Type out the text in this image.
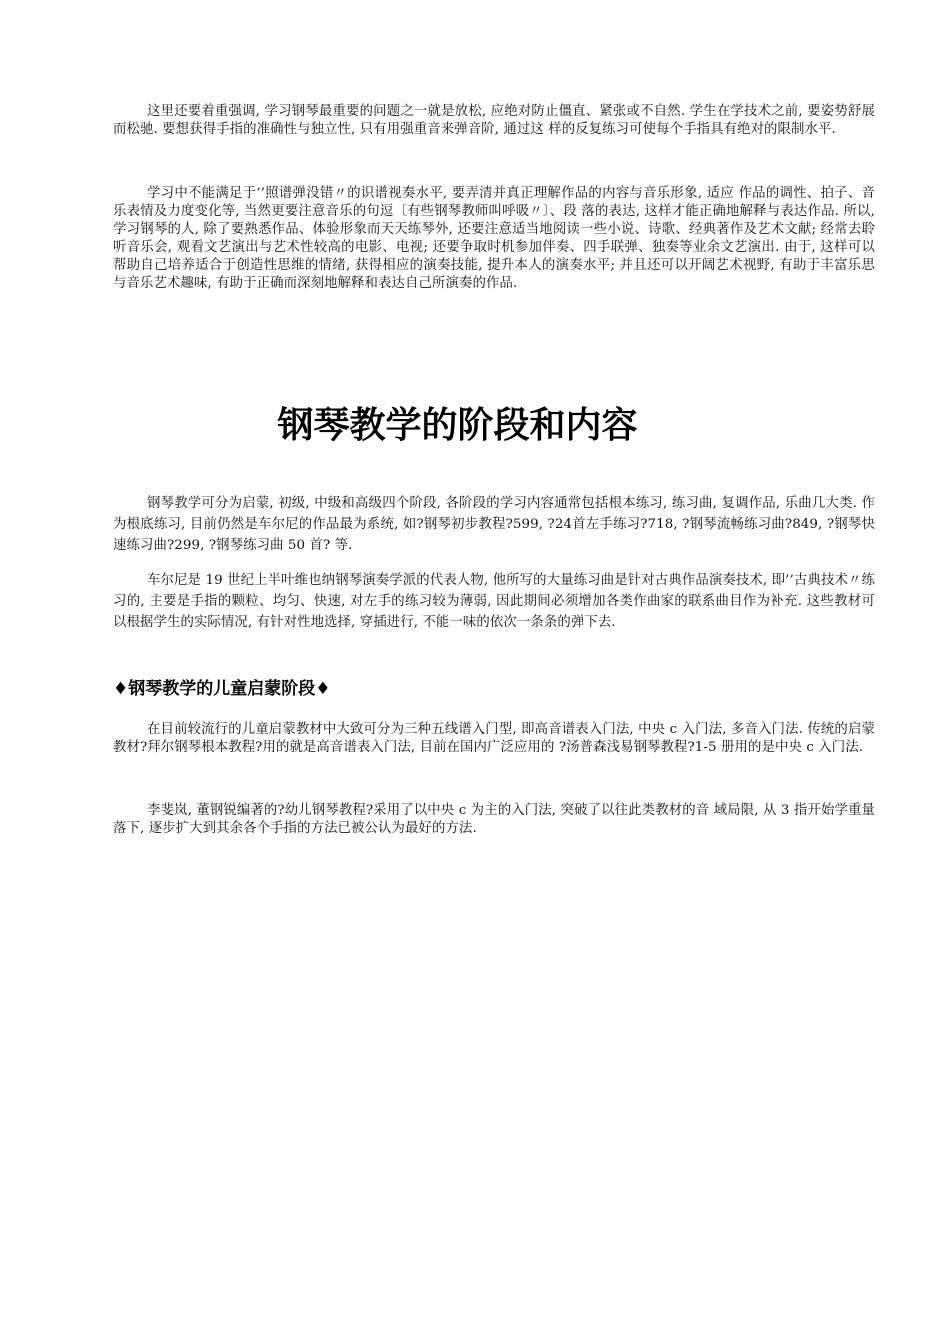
这里还要着重强调, 学习钢琴最重要的问题之一就是放松, 应绝对防止僵直、紧张或不自然. 学生在学技术之前, 要姿势舒展而松驰. 要想获得手指的准确性与独立性, 只有用强重音来弹音阶, 通过这 样的反复练习可使每个手指具有绝对的限制水平.

学习中不能满足于’’照谱弹没错〃的识谱视奏水平, 要弄清并真正理解作品的内容与音乐形象, 适应 作品的调性、拍子、音乐表情及力度变化等, 当然更要注意音乐的句逗〔有些钢琴教师叫呼吸〃〕、段 落的表达, 这样才能正确地解释与表达作品. 所以, 学习钢琴的人, 除了要熟悉作品、体验形象而天天练琴外, 还要注意适当地阅读一些小说、诗歌、经典著作及艺术文献; 经常去聆听音乐会, 观看文艺演出与艺术性较高的电影、电视; 还要争取时机参加伴奏、四手联弹、独奏等业余文艺演出. 由于, 这样可以帮助自己培养适合于创造性思维的情绪, 获得相应的演奏技能, 提升本人的演奏水平; 并且还可以开阔艺术视野, 有助于丰富乐思与音乐艺术趣味, 有助于正确而深刻地解释和表达自己所演奏的作品.

钢琴教学的阶段和内容

钢琴教学可分为启蒙, 初级, 中级和高级四个阶段, 各阶段的学习内容通常包括根本练习, 练习曲, 复调作品, 乐曲几大类. 作为根底练习, 目前仍然是车尔尼的作品最为系统, 如?钢琴初步教程?599, ?24首左手练习?718, ?钢琴流畅练习曲?849, ?钢琴快速练习曲?299, ?钢琴练习曲 50 首? 等.

车尔尼是 19 世纪上半叶维也纳钢琴演奏学派的代表人物, 他所写的大量练习曲是针对古典作品演奏技术, 即’’古典技术〃练习的, 主要是手指的颗粒、均匀、快速, 对左手的练习较为薄弱, 因此期间必须增加各类作曲家的联系曲目作为补充. 这些教材可以根据学生的实际情况, 有针对性地选择, 穿插进行, 不能一味的依次一条条的弹下去.

♦钢琴教学的儿童启蒙阶段♦

在目前较流行的儿童启蒙教材中大致可分为三种五线谱入门型, 即高音谱表入门法, 中央 c 入门法, 多音入门法. 传统的启蒙教材?拜尔钢琴根本教程?用的就是高音谱表入门法, 目前在国内广泛应用的 ?汤普森浅易钢琴教程?1-5 册用的是中央 c 入门法.

李斐岚, 董钢锐编著的?幼儿钢琴教程?采用了以中央 c 为主的入门法, 突破了以往此类教材的音 域局限, 从 3 指开始学重量落下, 逐步扩大到其余各个手指的方法已被公认为最好的方法.
